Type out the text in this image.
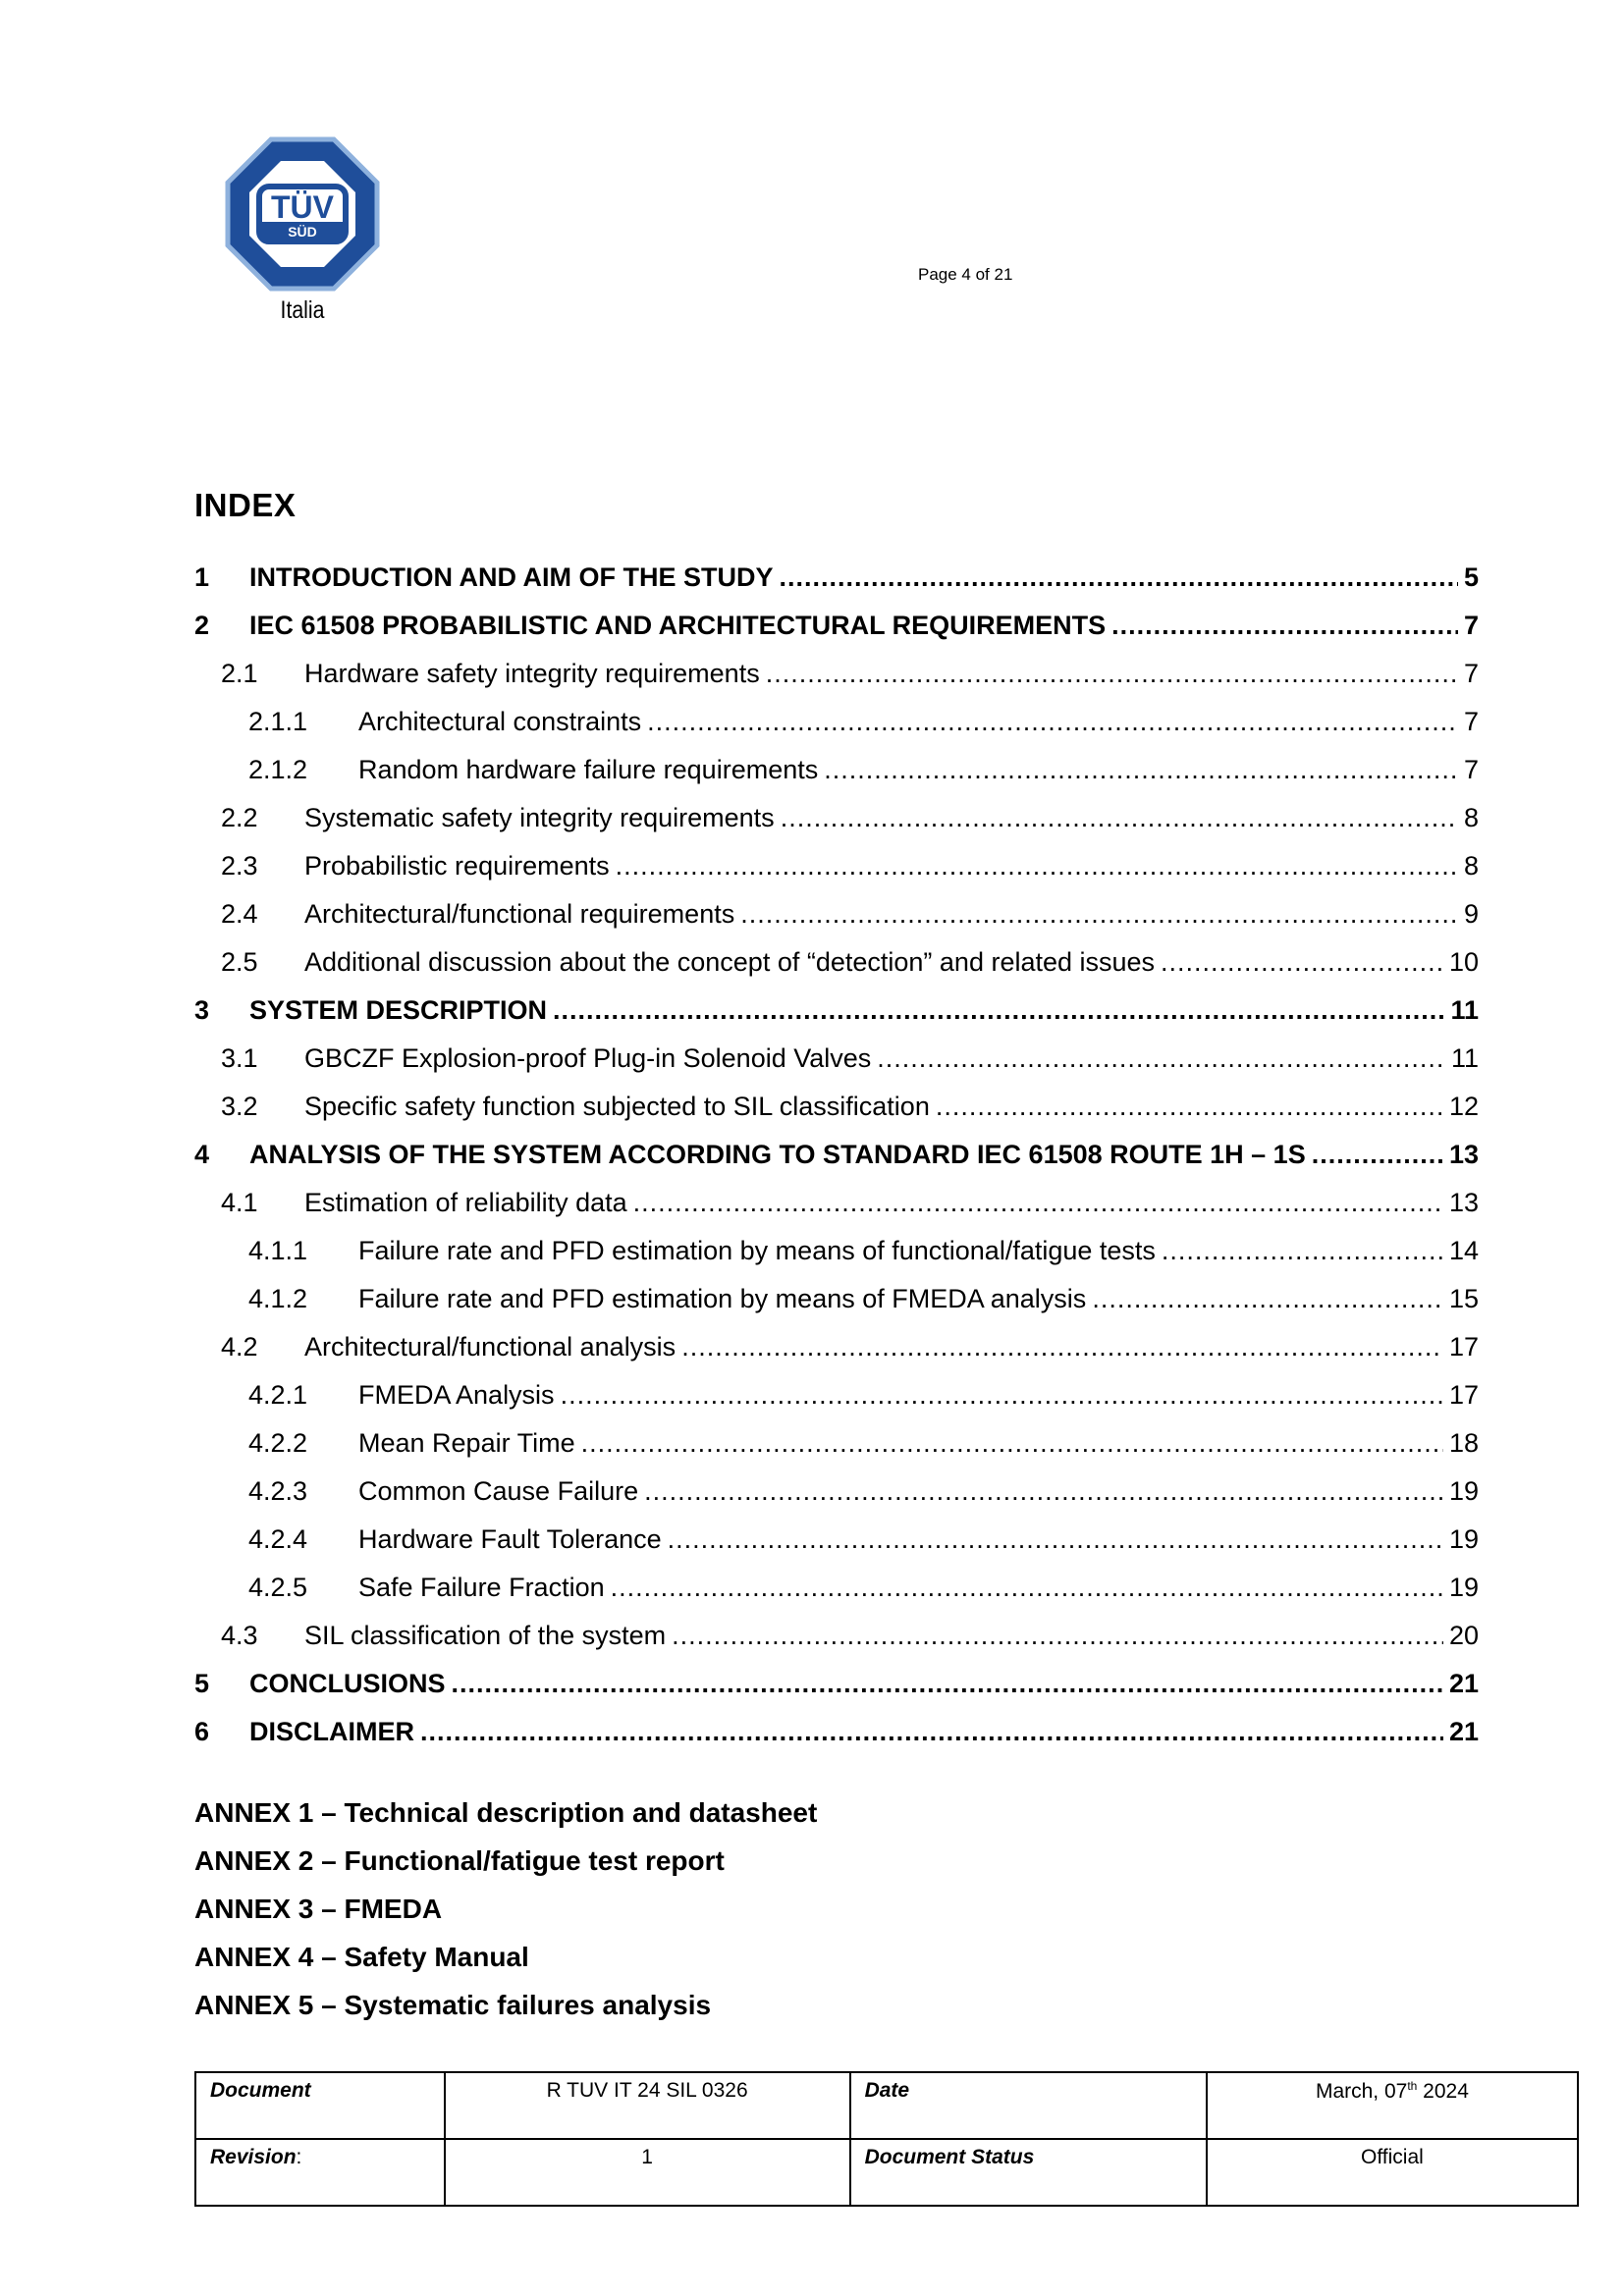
TÜV
SÜD
Italia
Page 4 of 21
INDEX
1 INTRODUCTION AND AIM OF THE STUDY .....	5
2 IEC 61508 PROBABILISTIC AND ARCHITECTURAL REQUIREMENTS .....	7
2.1 Hardware safety integrity requirements .....	7
2.1.1 Architectural constraints .....	7
2.1.2 Random hardware failure requirements .....	7
2.2 Systematic safety integrity requirements .....	8
2.3 Probabilistic requirements .....	8
2.4 Architectural/functional requirements .....	9
2.5 Additional discussion about the concept of “detection” and related issues .....	10
3 SYSTEM DESCRIPTION .....	11
3.1 GBCZF Explosion-proof Plug-in Solenoid Valves .....	11
3.2 Specific safety function subjected to SIL classification .....	12
4 ANALYSIS OF THE SYSTEM ACCORDING TO STANDARD IEC 61508 ROUTE 1H – 1S .....	13
4.1 Estimation of reliability data .....	13
4.1.1 Failure rate and PFD estimation by means of functional/fatigue tests .....	14
4.1.2 Failure rate and PFD estimation by means of FMEDA analysis .....	15
4.2 Architectural/functional analysis .....	17
4.2.1 FMEDA Analysis .....	17
4.2.2 Mean Repair Time .....	18
4.2.3 Common Cause Failure .....	19
4.2.4 Hardware Fault Tolerance .....	19
4.2.5 Safe Failure Fraction .....	19
4.3 SIL classification of the system .....	20
5 CONCLUSIONS .....	21
6 DISCLAIMER .....	21
ANNEX 1 – Technical description and datasheet
ANNEX 2 – Functional/fatigue test report
ANNEX 3 – FMEDA
ANNEX 4 – Safety Manual
ANNEX 5 – Systematic failures analysis
Document	R TUV IT 24 SIL 0326	Date	March, 07th 2024
Revision:	1	Document Status	Official
